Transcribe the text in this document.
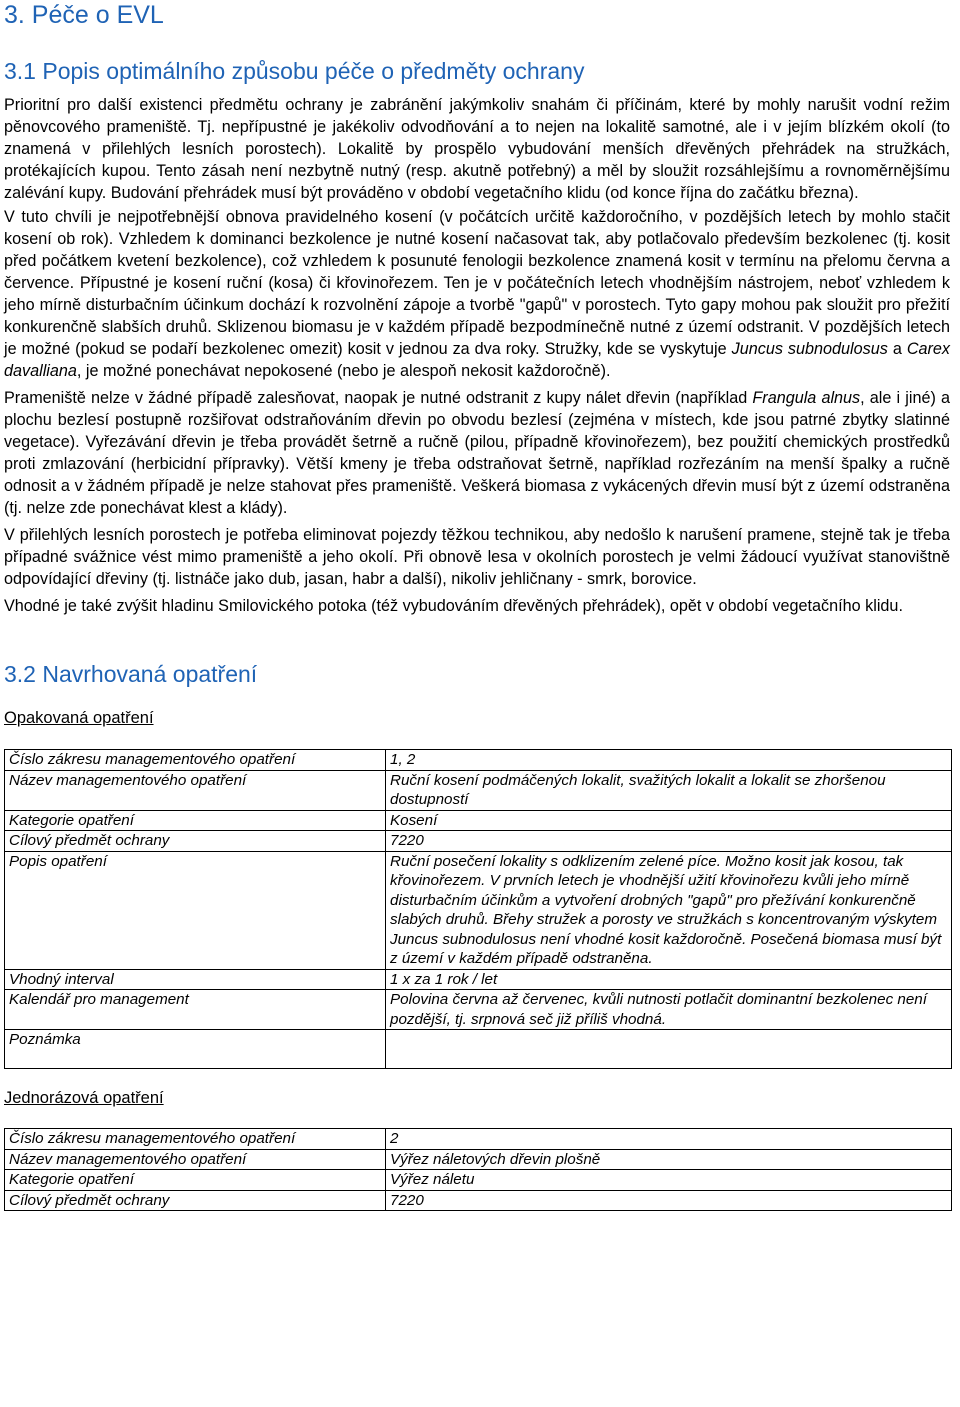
3. Péče o EVL
3.1 Popis optimálního způsobu péče o předměty ochrany

Prioritní pro další existenci předmětu ochrany je zabránění jakýmkoliv snahám či příčinám, které by mohly narušit vodní režim pěnovcového prameniště. Tj. nepřípustné je jakékoliv odvodňování a to nejen na lokalitě samotné, ale i v jejím blízkém okolí (to znamená v přilehlých lesních porostech). Lokalitě by prospělo vybudování menších dřevěných přehrádek na stružkách, protékajících kupou. Tento zásah není nezbytně nutný (resp. akutně potřebný) a měl by sloužit rozsáhlejšímu a rovnoměrnějšímu zalévání kupy. Budování přehrádek musí být prováděno v období vegetačního klidu (od konce října do začátku března).

V tuto chvíli je nejpotřebnější obnova pravidelného kosení (v počátcích určitě každoročního, v pozdějších letech by mohlo stačit kosení ob rok). Vzhledem k dominanci bezkolence je nutné kosení načasovat tak, aby potlačovalo především bezkolenec (tj. kosit před počátkem kvetení bezkolence), což vzhledem k posunuté fenologii bezkolence znamená kosit v termínu na přelomu června a července. Přípustné je kosení ruční (kosa) či křovinořezem. Ten je v počátečních letech vhodnějším nástrojem, neboť vzhledem k jeho mírně disturbačním účinkum dochází k rozvolnění zápoje a tvorbě "gapů" v porostech. Tyto gapy mohou pak sloužit pro přežití konkurenčně slabších druhů. Sklizenou biomasu je v každém případě bezpodmínečně nutné z území odstranit. V pozdějších letech je možné (pokud se podaří bezkolenec omezit) kosit v jednou za dva roky. Stružky, kde se vyskytuje Juncus subnodulosus a Carex davalliana, je možné ponechávat nepokosené (nebo je alespoň nekosit každoročně).

Prameniště nelze v žádné případě zalesňovat, naopak je nutné odstranit z kupy nálet dřevin (například Frangula alnus, ale i jiné) a plochu bezlesí postupně rozšiřovat odstraňováním dřevin po obvodu bezlesí (zejména v místech, kde jsou patrné zbytky slatinné vegetace). Vyřezávání dřevin je třeba provádět šetrně a ručně (pilou, případně křovinořezem), bez použití chemických prostředků proti zmlazování (herbicidní přípravky). Větší kmeny je třeba odstraňovat šetrně, například rozřezáním na menší špalky a ručně odnosit a v žádném případě je nelze stahovat přes prameniště. Veškerá biomasa z vykácených dřevin musí být z území odstraněna (tj. nelze zde ponechávat klest a klády).

V přilehlých lesních porostech je potřeba eliminovat pojezdy těžkou technikou, aby nedošlo k narušení pramene, stejně tak je třeba případné svážnice vést mimo prameniště a jeho okolí. Při obnově lesa v okolních porostech je velmi žádoucí využívat stanovištně odpovídající dřeviny (tj. listnáče jako dub, jasan, habr a další), nikoliv jehličnany - smrk, borovice.

Vhodné je také zvýšit hladinu Smilovického potoka (též vybudováním dřevěných přehrádek), opět v období vegetačního klidu.

3.2 Navrhovaná opatření
Opakovaná opatření
Číslo zákresu managementového opatření	1, 2
Název managementového opatření	Ruční kosení podmáčených lokalit, svažitých lokalit a lokalit se zhoršenou dostupností
Kategorie opatření	Kosení
Cílový předmět ochrany	7220
Popis opatření	Ruční posečení lokality s odklizením zelené píce. Možno kosit jak kosou, tak křovinořezem. V prvních letech je vhodnější užití křovinořezu kvůli jeho mírně disturbačním účinkům a vytvoření drobných "gapů" pro přežívání konkurenčně slabých druhů. Břehy stružek a porosty ve stružkách s koncentrovaným výskytem Juncus subnodulosus není vhodné kosit každoročně. Posečená biomasa musí být z území v každém případě odstraněna.
Vhodný interval	1 x za 1 rok / let
Kalendář pro management	Polovina června až červenec, kvůli nutnosti potlačit dominantní bezkolenec není pozdější, tj. srpnová seč již příliš vhodná.
Poznámka	
Jednorázová opatření
Číslo zákresu managementového opatření	2
Název managementového opatření	Výřez náletových dřevin plošně
Kategorie opatření	Výřez náletu
Cílový předmět ochrany	7220
